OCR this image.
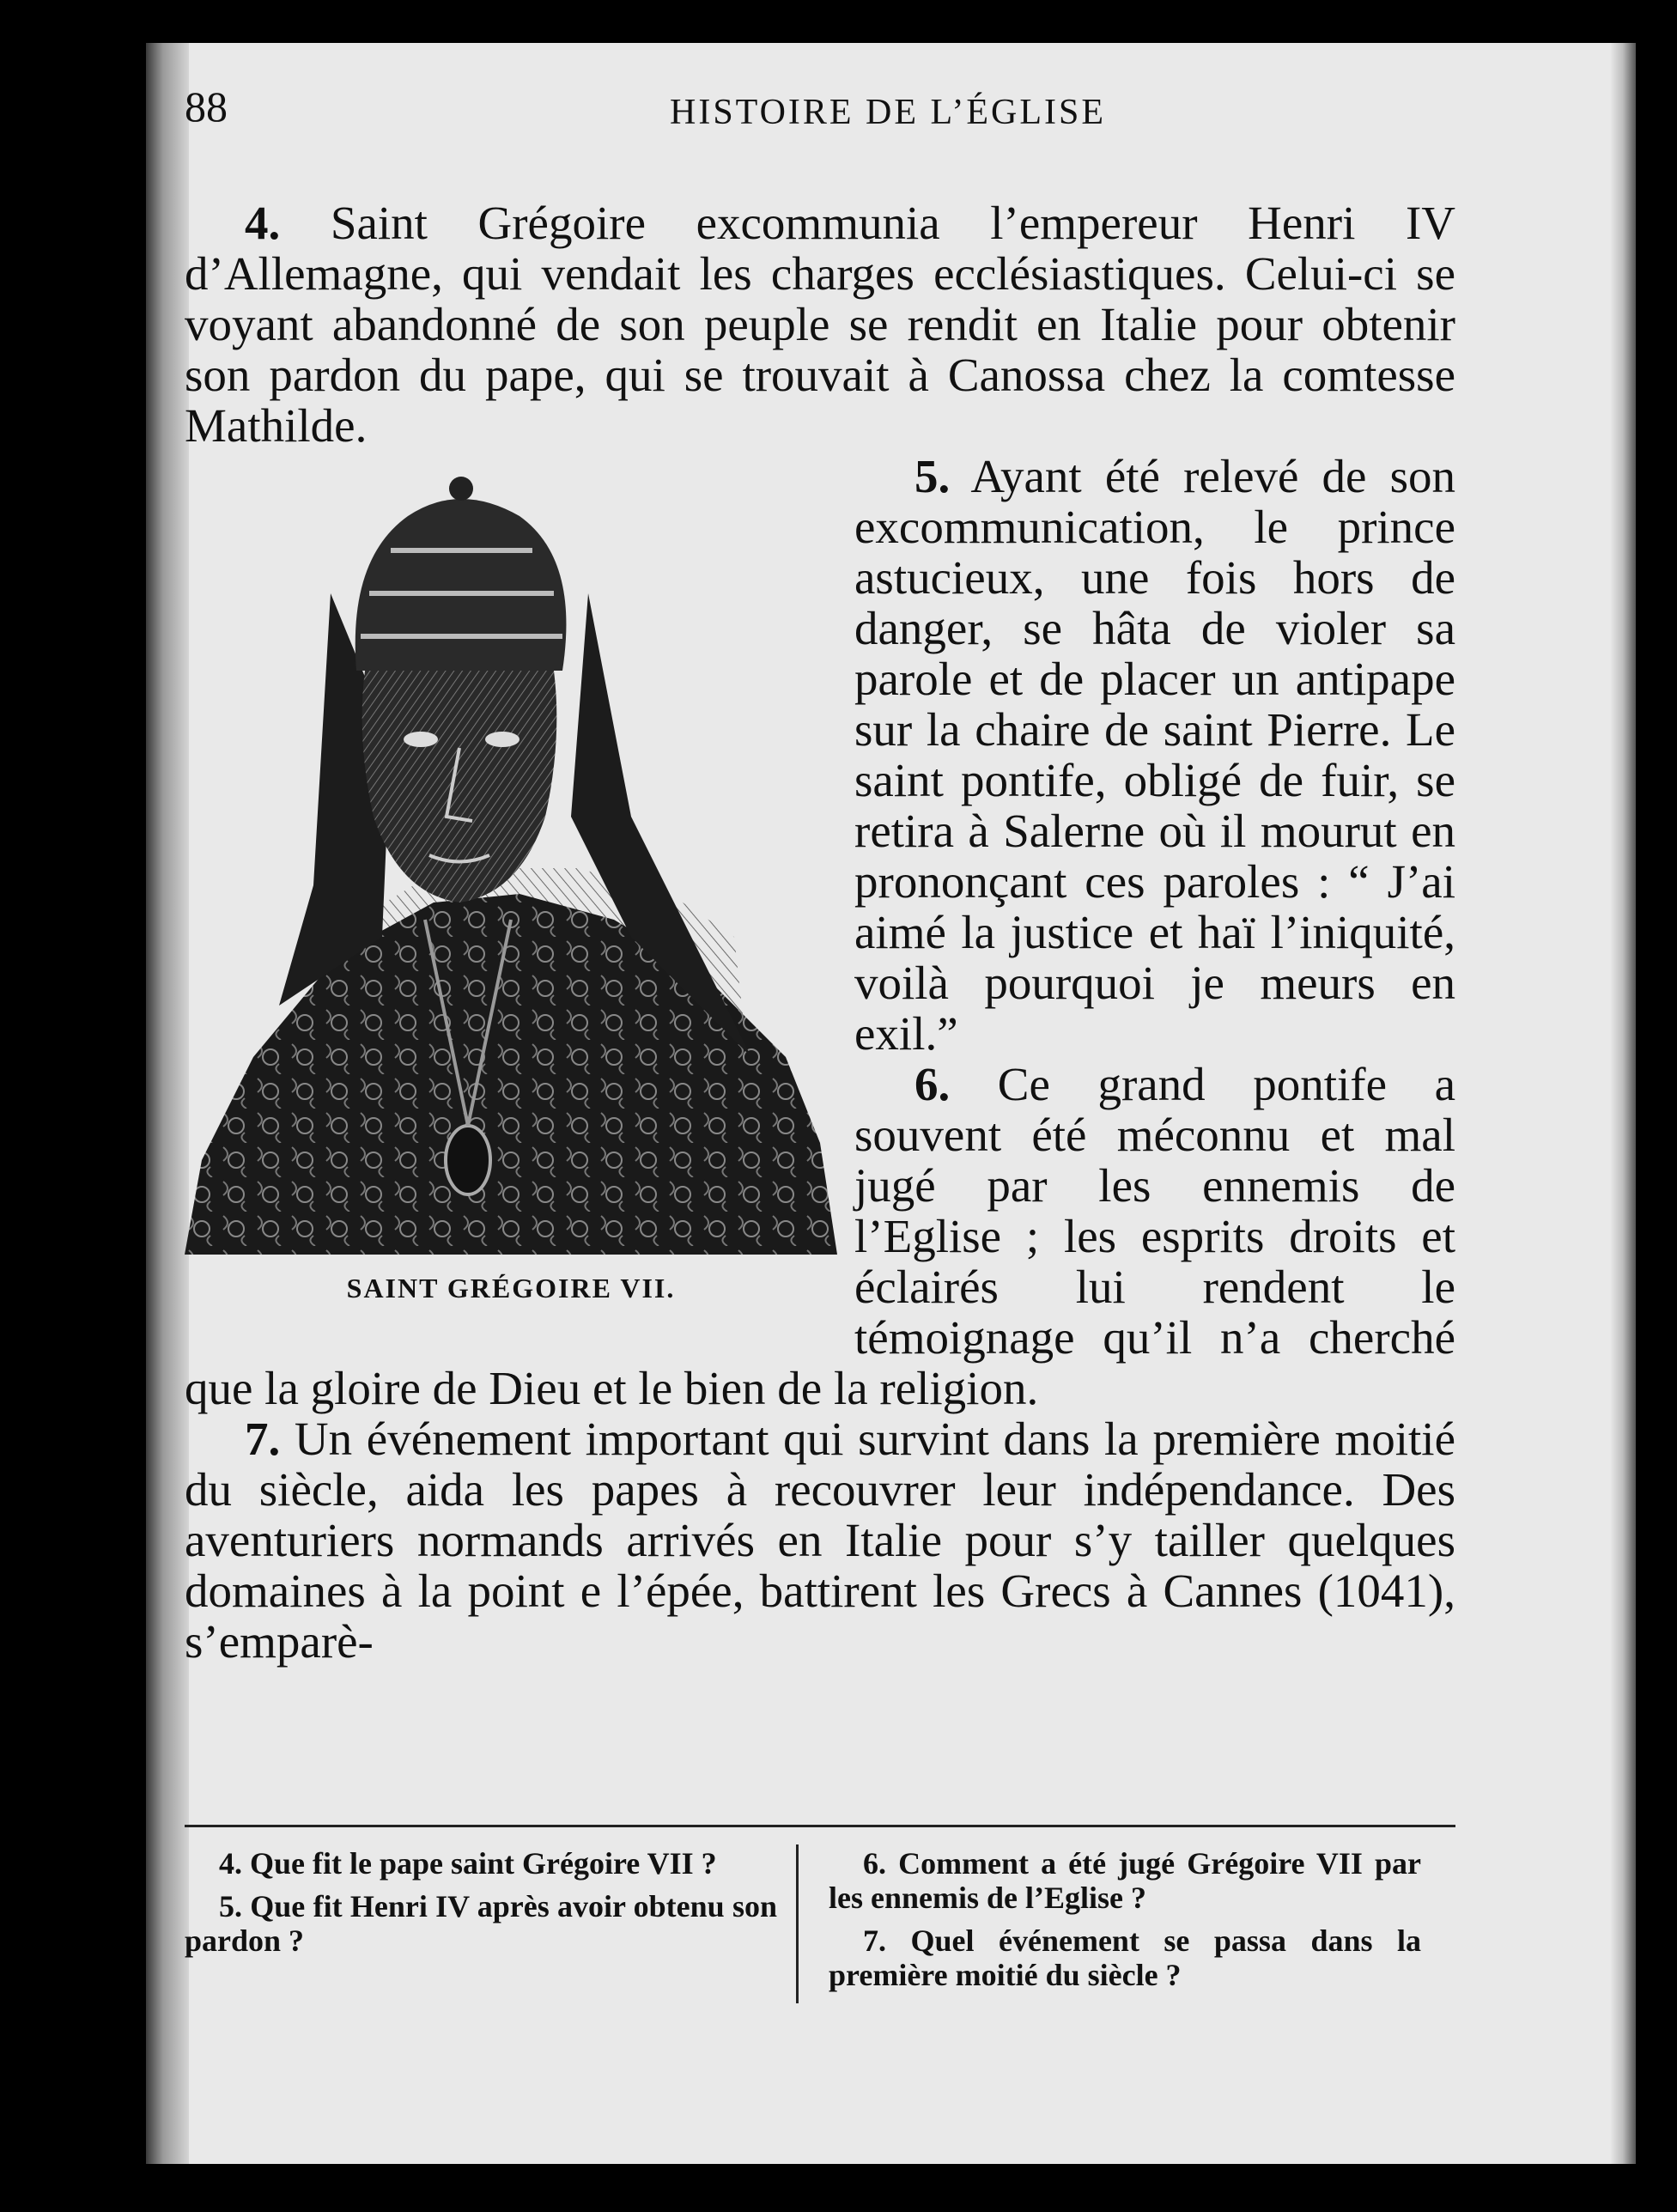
88	HISTOIRE DE L’ÉGLISE

4. Saint Grégoire excommunia l’empereur Henri IV d’Allemagne, qui vendait les charges ecclésiastiques. Celui-ci se voyant abandonné de son peuple se rendit en Italie pour obtenir son pardon du pape, qui se trouvait à Canossa chez la comtesse Mathilde.

SAINT GRÉGOIRE VII.

5. Ayant été relevé de son excommunication, le prince astucieux, une fois hors de danger, se hâta de violer sa parole et de placer un antipape sur la chaire de saint Pierre. Le saint pontife, obligé de fuir, se retira à Salerne où il mourut en prononçant ces paroles : “ J’ai aimé la justice et haï l’iniquité, voilà pourquoi je meurs en exil.”

6. Ce grand pontife a souvent été méconnu et mal jugé par les ennemis de l’Eglise ; les esprits droits et éclairés lui rendent le témoignage qu’il n’a cherché que la gloire de Dieu et le bien de la religion.

7. Un événement important qui survint dans la première moitié du siècle, aida les papes à recouvrer leur indépendance. Des aventuriers normands arrivés en Italie pour s’y tailler quelques domaines à la point e l’épée, battirent les Grecs à Cannes (1041), s’emparè-

4. Que fit le pape saint Grégoire VII ?

5. Que fit Henri IV après avoir obtenu son pardon ?

6. Comment a été jugé Grégoire VII par les ennemis de l’Eglise ?

7. Quel événement se passa dans la première moitié du siècle ?
